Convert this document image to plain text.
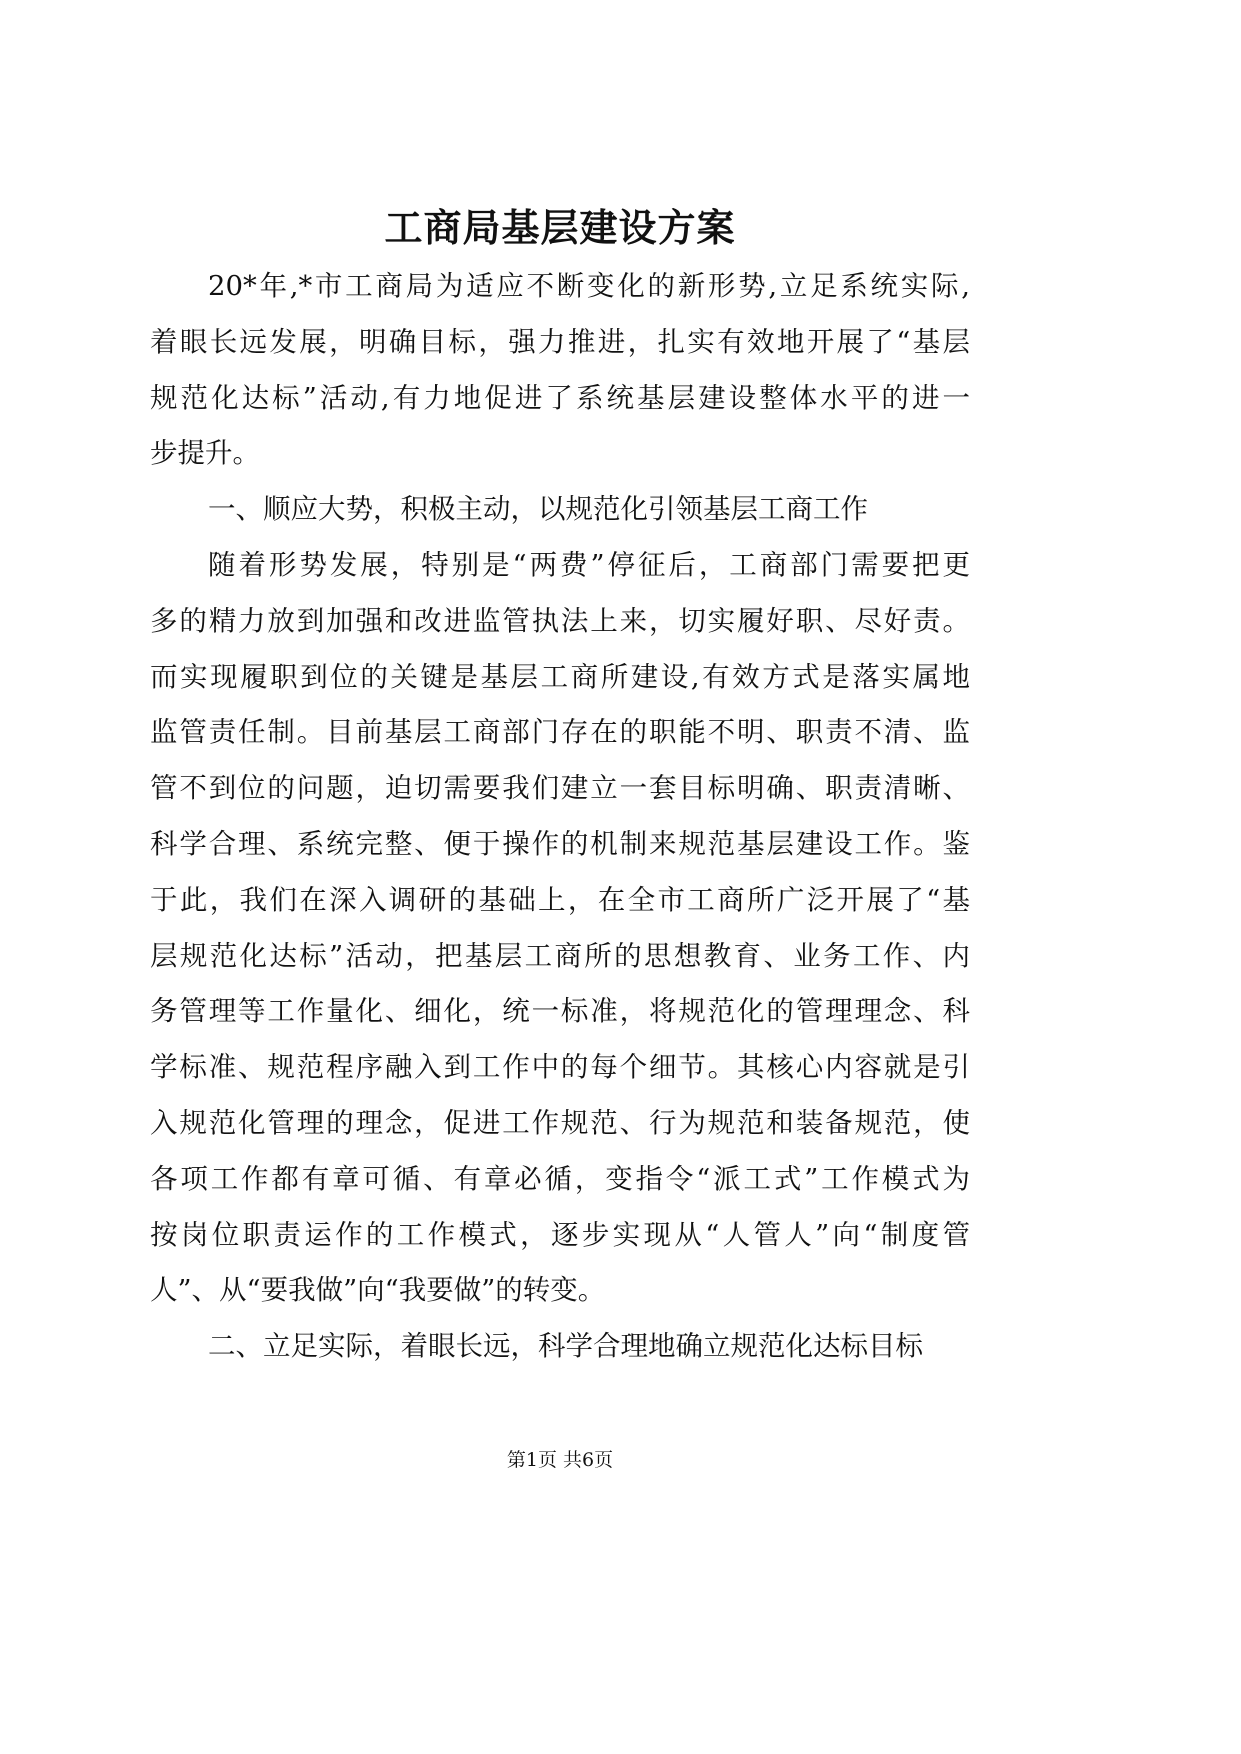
工商局基层建设方案
20*年,*市工商局为适应不断变化的新形势,立足系统实际,
着眼长远发展，明确目标，强力推进，扎实有效地开展了“基层
规范化达标”活动,有力地促进了系统基层建设整体水平的进一
步提升。
一、顺应大势，积极主动，以规范化引领基层工商工作
随着形势发展，特别是“两费”停征后，工商部门需要把更
多的精力放到加强和改进监管执法上来，切实履好职、尽好责。
而实现履职到位的关键是基层工商所建设,有效方式是落实属地
监管责任制。目前基层工商部门存在的职能不明、职责不清、监
管不到位的问题，迫切需要我们建立一套目标明确、职责清晰、
科学合理、系统完整、便于操作的机制来规范基层建设工作。鉴
于此，我们在深入调研的基础上，在全市工商所广泛开展了“基
层规范化达标”活动，把基层工商所的思想教育、业务工作、内
务管理等工作量化、细化，统一标准，将规范化的管理理念、科
学标准、规范程序融入到工作中的每个细节。其核心内容就是引
入规范化管理的理念，促进工作规范、行为规范和装备规范，使
各项工作都有章可循、有章必循，变指令“派工式”工作模式为
按岗位职责运作的工作模式，逐步实现从“人管人”向“制度管
人”、从“要我做”向“我要做”的转变。
二、立足实际，着眼长远，科学合理地确立规范化达标目标
第1页 共6页
